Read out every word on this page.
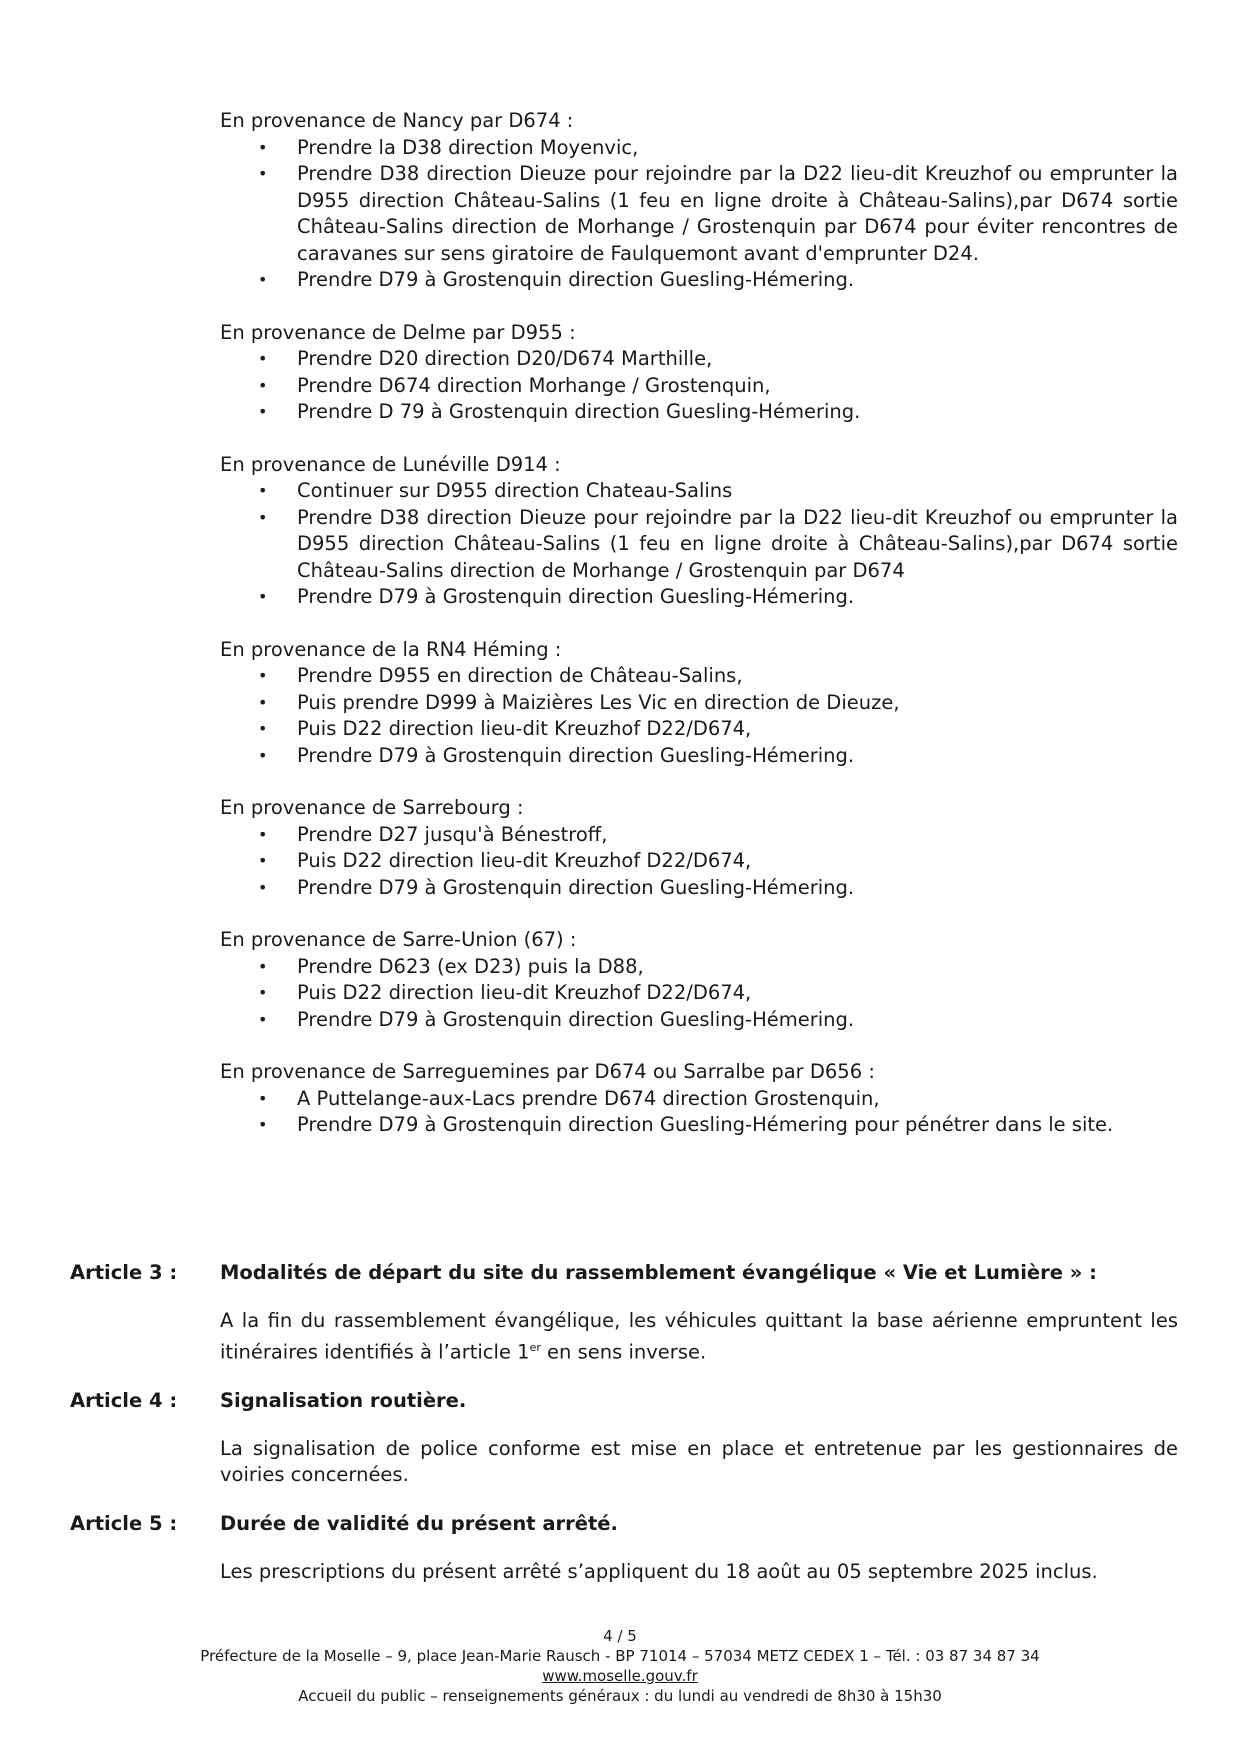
En provenance de Nancy par D674 :
• Prendre la D38 direction Moyenvic,
• Prendre D38 direction Dieuze pour rejoindre par la D22 lieu-dit Kreuzhof ou emprunter la D955 direction Château-Salins (1 feu en ligne droite à Château-Salins),par D674 sortie Château-Salins direction de Morhange / Grostenquin par D674 pour éviter rencontres de caravanes sur sens giratoire de Faulquemont avant d'emprunter D24.
• Prendre D79 à Grostenquin direction Guesling-Hémering.
En provenance de Delme par D955 :
• Prendre D20 direction D20/D674 Marthille,
• Prendre D674 direction Morhange / Grostenquin,
• Prendre D 79 à Grostenquin direction Guesling-Hémering.
En provenance de Lunéville D914 :
• Continuer sur D955 direction Chateau-Salins
• Prendre D38 direction Dieuze pour rejoindre par la D22 lieu-dit Kreuzhof ou emprunter la D955 direction Château-Salins (1 feu en ligne droite à Château-Salins),par D674 sortie Château-Salins direction de Morhange / Grostenquin par D674
• Prendre D79 à Grostenquin direction Guesling-Hémering.
En provenance de la RN4 Héming :
• Prendre D955 en direction de Château-Salins,
• Puis prendre D999 à Maizières Les Vic en direction de Dieuze,
• Puis D22 direction lieu-dit Kreuzhof D22/D674,
• Prendre D79 à Grostenquin direction Guesling-Hémering.
En provenance de Sarrebourg :
• Prendre D27 jusqu'à Bénestroff,
• Puis D22 direction lieu-dit Kreuzhof D22/D674,
• Prendre D79 à Grostenquin direction Guesling-Hémering.
En provenance de Sarre-Union (67) :
• Prendre D623 (ex D23) puis la D88,
• Puis D22 direction lieu-dit Kreuzhof D22/D674,
• Prendre D79 à Grostenquin direction Guesling-Hémering.
En provenance de Sarreguemines par D674 ou Sarralbe par D656 :
• A Puttelange-aux-Lacs prendre D674 direction Grostenquin,
• Prendre D79 à Grostenquin direction Guesling-Hémering pour pénétrer dans le site.
Article 3 :	Modalités de départ du site du rassemblement évangélique « Vie et Lumière » :
A la fin du rassemblement évangélique, les véhicules quittant la base aérienne empruntent les itinéraires identifiés à l’article 1er en sens inverse.
Article 4 :	Signalisation routière.
La signalisation de police conforme est mise en place et entretenue par les gestionnaires de voiries concernées.
Article 5 :	Durée de validité du présent arrêté.
Les prescriptions du présent arrêté s’appliquent du 18 août au 05 septembre 2025 inclus.
4 / 5
Préfecture de la Moselle – 9, place Jean-Marie Rausch - BP 71014 – 57034 METZ CEDEX 1 – Tél. : 03 87 34 87 34
www.moselle.gouv.fr
Accueil du public – renseignements généraux : du lundi au vendredi de 8h30 à 15h30
